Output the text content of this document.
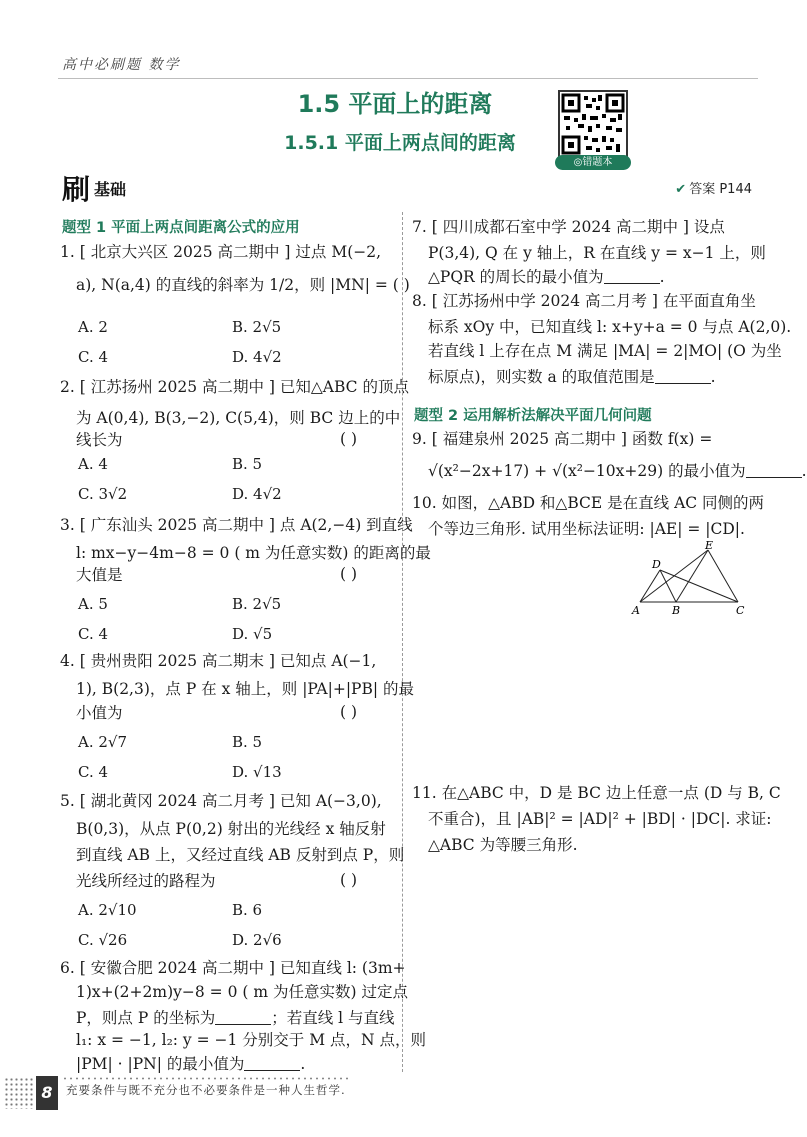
高中必刷题 数学
1.5 平面上的距离
1.5.1 平面上两点间的距离
◎错题本
刷 基础	✔ 答案 P144
题型 1 平面上两点间距离公式的应用
1. [ 北京大兴区 2025 高二期中 ] 过点 M(−2,
a), N(a,4) 的直线的斜率为 1/2，则 |MN| = ( )
A. 2	B. 2√5
C. 4	D. 4√2
2. [ 江苏扬州 2025 高二期中 ] 已知△ABC 的顶点
为 A(0,4), B(3,−2), C(5,4)，则 BC 边上的中
线长为	( )
A. 4	B. 5
C. 3√2	D. 4√2
3. [ 广东汕头 2025 高二期中 ] 点 A(2,−4) 到直线
l: mx−y−4m−8 = 0 ( m 为任意实数) 的距离的最
大值是	( )
A. 5	B. 2√5
C. 4	D. √5
4. [ 贵州贵阳 2025 高二期末 ] 已知点 A(−1,
1), B(2,3)，点 P 在 x 轴上，则 |PA|+|PB| 的最
小值为	( )
A. 2√7	B. 5
C. 4	D. √13
5. [ 湖北黄冈 2024 高二月考 ] 已知 A(−3,0),
B(0,3)，从点 P(0,2) 射出的光线经 x 轴反射
到直线 AB 上，又经过直线 AB 反射到点 P，则
光线所经过的路程为	( )
A. 2√10	B. 6
C. √26	D. 2√6
6. [ 安徽合肥 2024 高二期中 ] 已知直线 l: (3m+
1)x+(2+2m)y−8 = 0 ( m 为任意实数) 过定点
P，则点 P 的坐标为	；若直线 l 与直线
l₁: x = −1, l₂: y = −1 分别交于 M 点，N 点，则
|PM| · |PN| 的最小值为	.
7. [ 四川成都石室中学 2024 高二期中 ] 设点
P(3,4), Q 在 y 轴上，R 在直线 y = x−1 上，则
△PQR 的周长的最小值为	.
8. [ 江苏扬州中学 2024 高二月考 ] 在平面直角坐
标系 xOy 中，已知直线 l: x+y+a = 0 与点 A(2,0).
若直线 l 上存在点 M 满足 |MA| = 2|MO| (O 为坐
标原点)，则实数 a 的取值范围是	.
题型 2 运用解析法解决平面几何问题
9. [ 福建泉州 2025 高二期中 ] 函数 f(x) =
√(x²−2x+17) + √(x²−10x+29) 的最小值为	.
10. 如图，△ABD 和△BCE 是在直线 AC 同侧的两
个等边三角形. 试用坐标法证明: |AE| = |CD|.
A	B	C
D
E
11. 在△ABC 中，D 是 BC 边上任意一点 (D 与 B, C
不重合)，且 |AB|² = |AD|² + |BD| · |DC|. 求证:
△ABC 为等腰三角形.
8	充要条件与既不充分也不必要条件是一种人生哲学.
